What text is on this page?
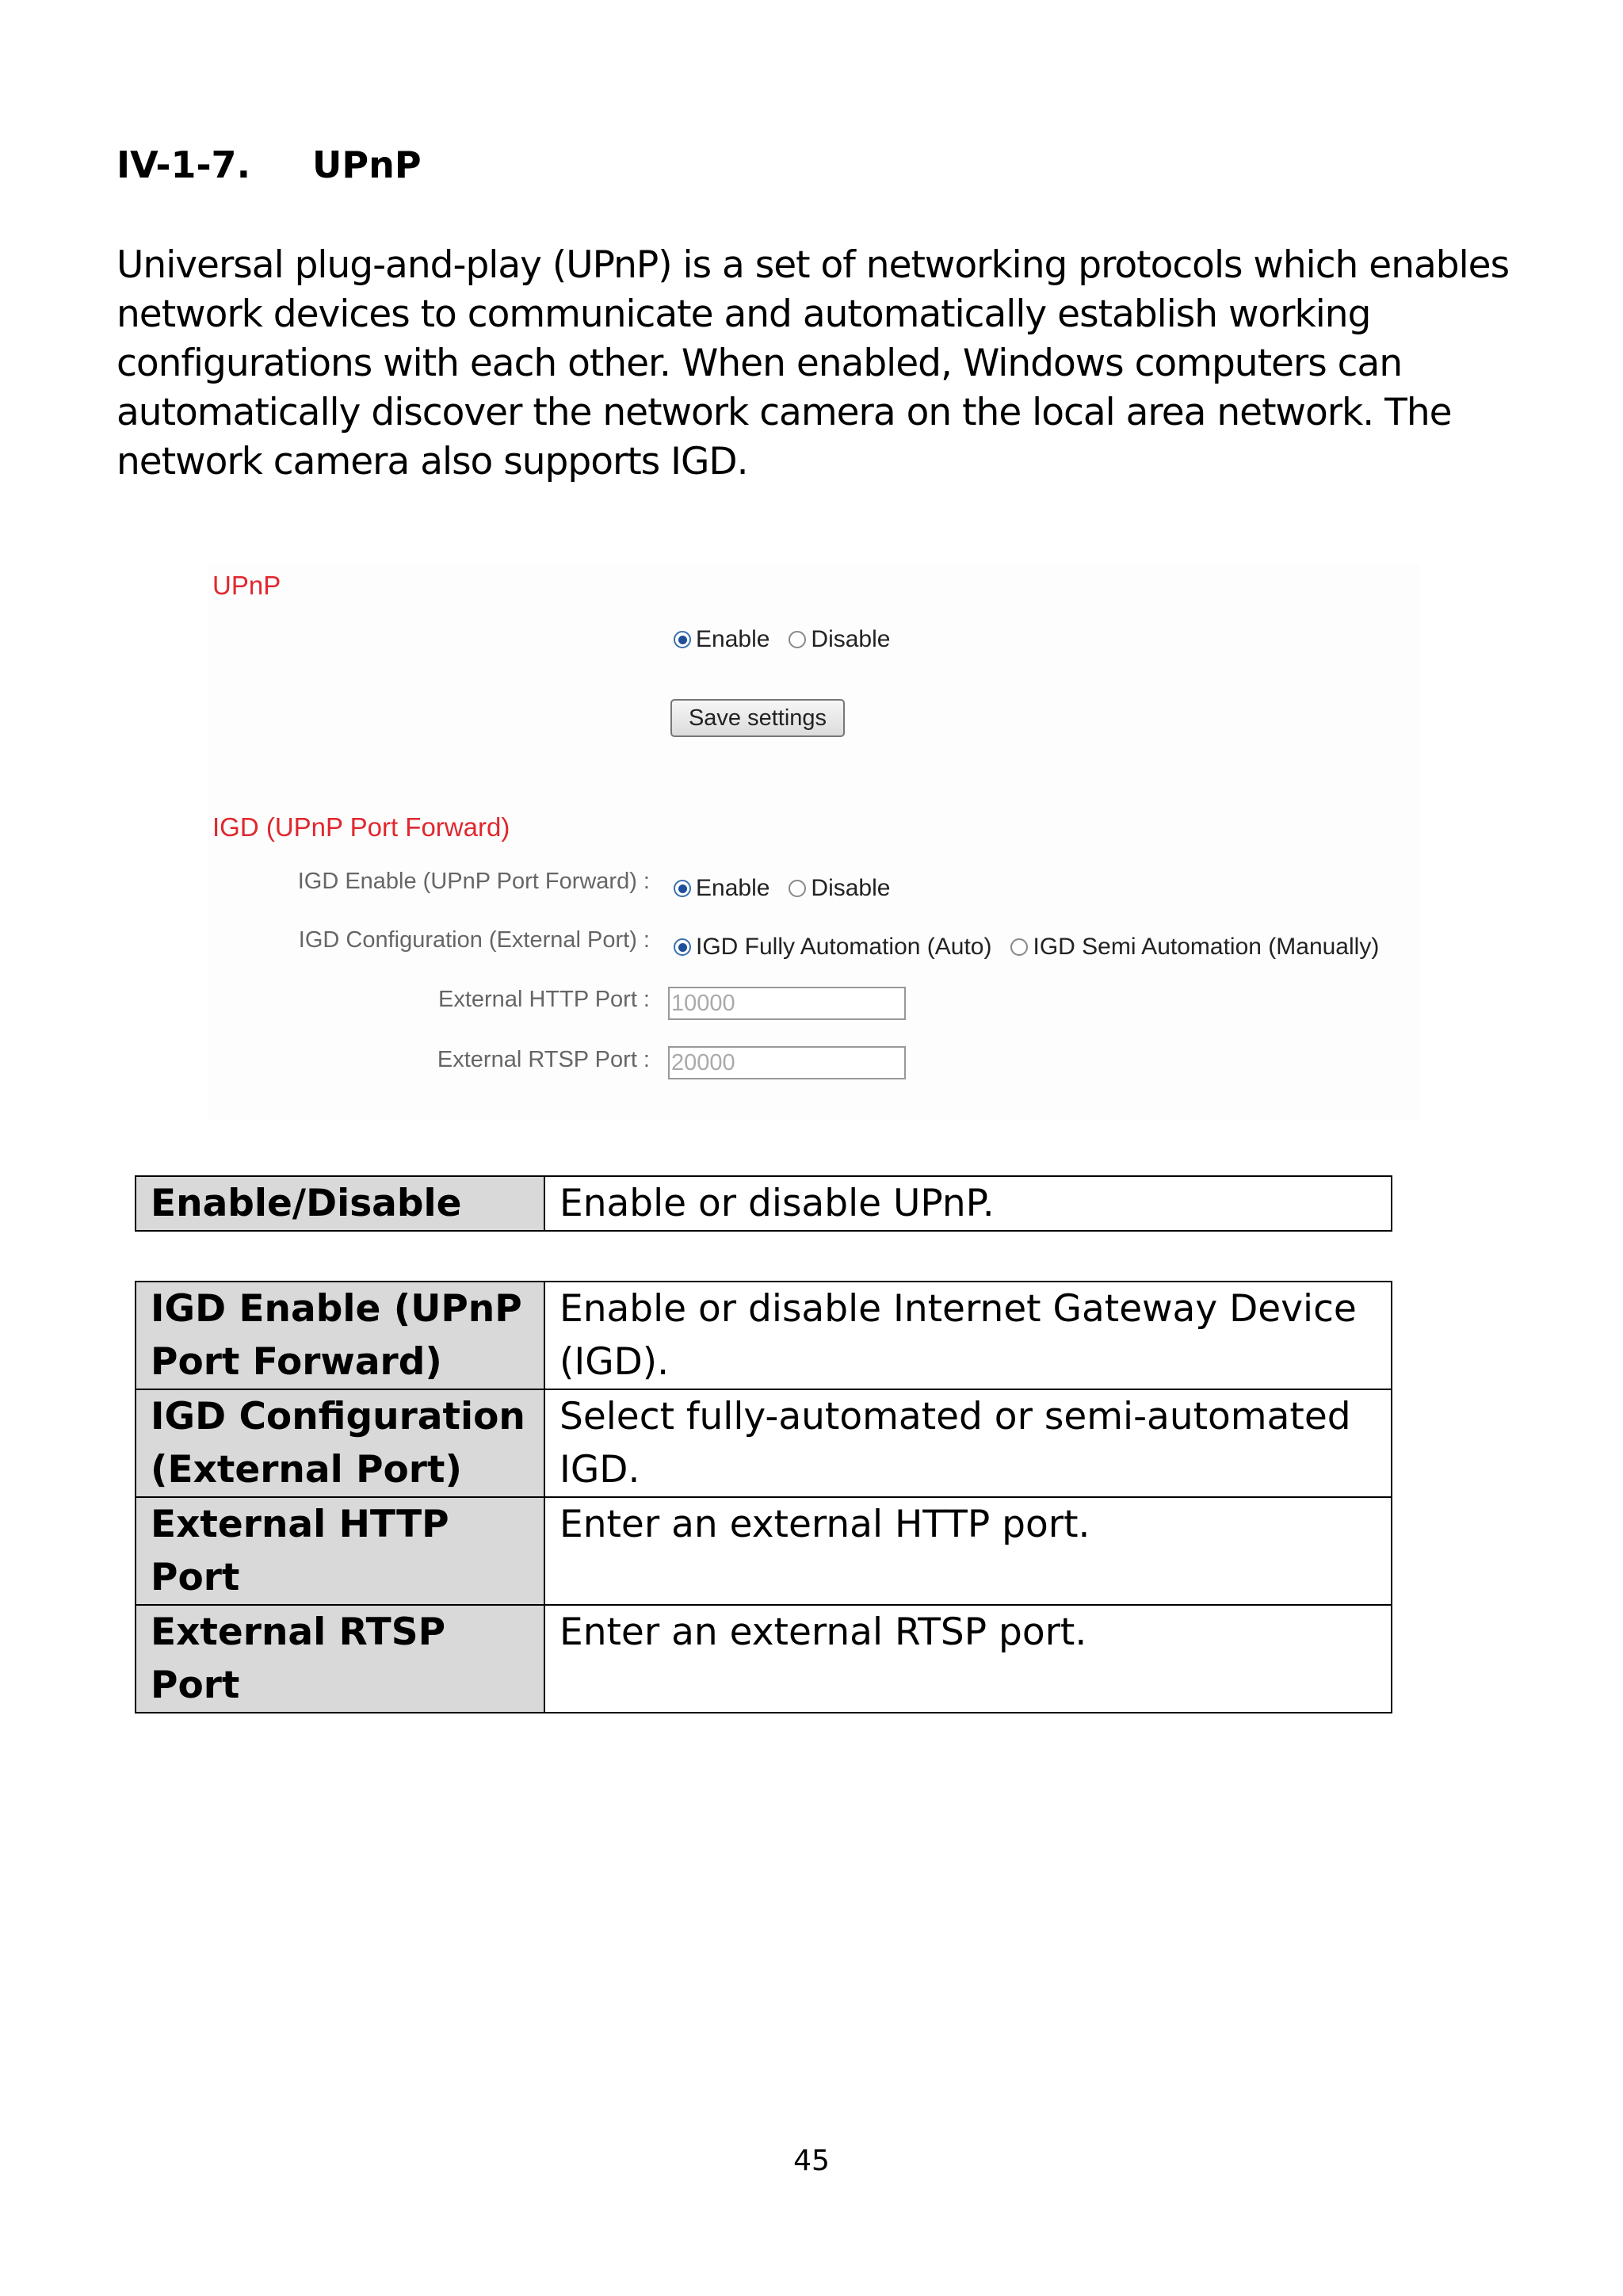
IV-1-7. UPnP

Universal plug-and-play (UPnP) is a set of networking protocols which enables network devices to communicate and automatically establish working configurations with each other. When enabled, Windows computers can automatically discover the network camera on the local area network. The network camera also supports IGD.

UPnP
Enable Disable
Save settings
IGD (UPnP Port Forward)
IGD Enable (UPnP Port Forward) : Enable Disable
IGD Configuration (External Port) : IGD Fully Automation (Auto) IGD Semi Automation (Manually)
External HTTP Port :
10000
External RTSP Port :
20000
Enable/Disable	Enable or disable UPnP.
IGD Enable (UPnP Port Forward)	Enable or disable Internet Gateway Device (IGD).
IGD Configuration (External Port)	Select fully-automated or semi-automated IGD.
External HTTP Port	Enter an external HTTP port.
External RTSP Port	Enter an external RTSP port.
45
